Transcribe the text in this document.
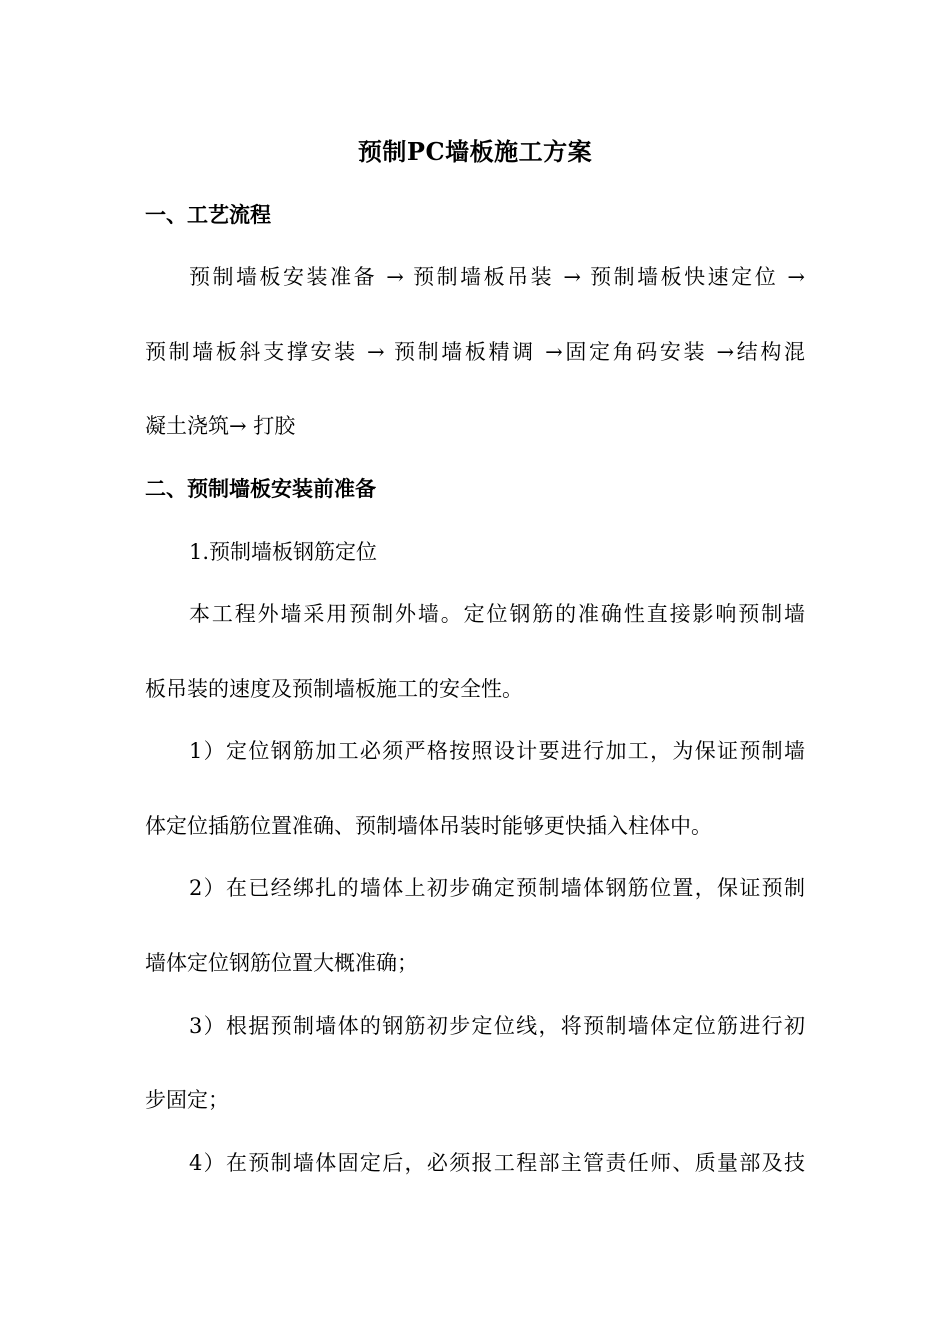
预制PC墙板施工方案
一、工艺流程
预制墙板安装准备 → 预制墙板吊装 → 预制墙板快速定位 →
预制墙板斜支撑安装 → 预制墙板精调 →固定角码安装 →结构混
凝土浇筑→ 打胶
二、预制墙板安装前准备
1.预制墙板钢筋定位
本工程外墙采用预制外墙。定位钢筋的准确性直接影响预制墙
板吊装的速度及预制墙板施工的安全性。
1）定位钢筋加工必须严格按照设计要进行加工，为保证预制墙
体定位插筋位置准确、预制墙体吊装时能够更快插入柱体中。
2）在已经绑扎的墙体上初步确定预制墙体钢筋位置，保证预制
墙体定位钢筋位置大概准确；
3）根据预制墙体的钢筋初步定位线，将预制墙体定位筋进行初
步固定；
4）在预制墙体固定后，必须报工程部主管责任师、质量部及技
